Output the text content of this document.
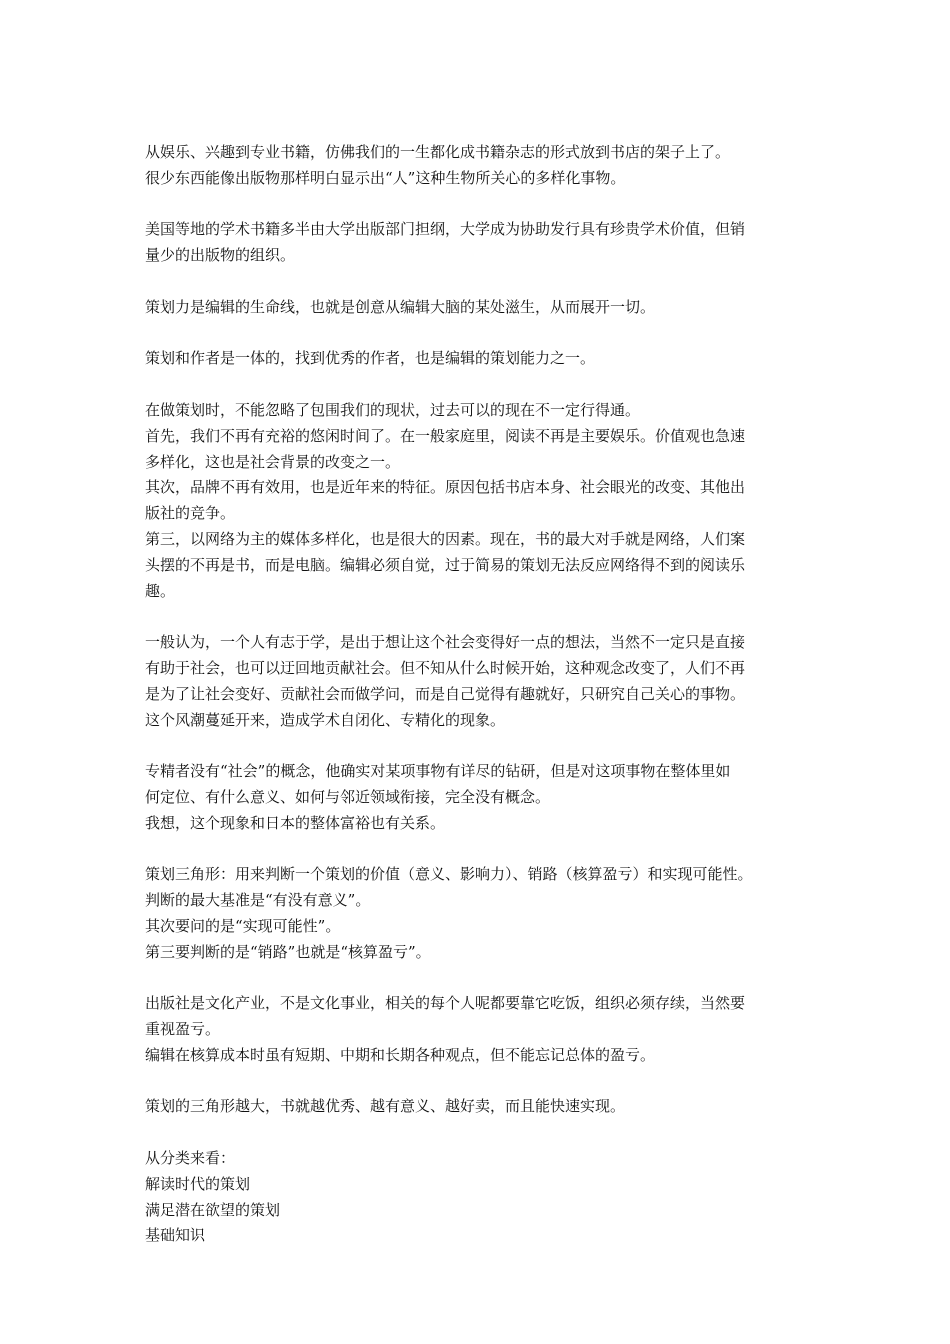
从娱乐、兴趣到专业书籍，仿佛我们的一生都化成书籍杂志的形式放到书店的架子上了。
很少东西能像出版物那样明白显示出“人”这种生物所关心的多样化事物。
美国等地的学术书籍多半由大学出版部门担纲，大学成为协助发行具有珍贵学术价值，但销
量少的出版物的组织。
策划力是编辑的生命线，也就是创意从编辑大脑的某处滋生，从而展开一切。
策划和作者是一体的，找到优秀的作者，也是编辑的策划能力之一。
在做策划时，不能忽略了包围我们的现状，过去可以的现在不一定行得通。
首先，我们不再有充裕的悠闲时间了。在一般家庭里，阅读不再是主要娱乐。价值观也急速
多样化，这也是社会背景的改变之一。
其次，品牌不再有效用，也是近年来的特征。原因包括书店本身、社会眼光的改变、其他出
版社的竞争。
第三，以网络为主的媒体多样化，也是很大的因素。现在，书的最大对手就是网络，人们案
头摆的不再是书，而是电脑。编辑必须自觉，过于简易的策划无法反应网络得不到的阅读乐
趣。
一般认为，一个人有志于学，是出于想让这个社会变得好一点的想法，当然不一定只是直接
有助于社会，也可以迂回地贡献社会。但不知从什么时候开始，这种观念改变了，人们不再
是为了让社会变好、贡献社会而做学问，而是自己觉得有趣就好，只研究自己关心的事物。
这个风潮蔓延开来，造成学术自闭化、专精化的现象。
专精者没有“社会”的概念，他确实对某项事物有详尽的钻研，但是对这项事物在整体里如
何定位、有什么意义、如何与邻近领域衔接，完全没有概念。
我想，这个现象和日本的整体富裕也有关系。
策划三角形：用来判断一个策划的价值（意义、影响力）、销路（核算盈亏）和实现可能性。
判断的最大基准是“有没有意义”。
其次要问的是“实现可能性”。
第三要判断的是“销路”也就是“核算盈亏”。
出版社是文化产业，不是文化事业，相关的每个人呢都要靠它吃饭，组织必须存续，当然要
重视盈亏。
编辑在核算成本时虽有短期、中期和长期各种观点，但不能忘记总体的盈亏。
策划的三角形越大，书就越优秀、越有意义、越好卖，而且能快速实现。
从分类来看：
解读时代的策划
满足潜在欲望的策划
基础知识
